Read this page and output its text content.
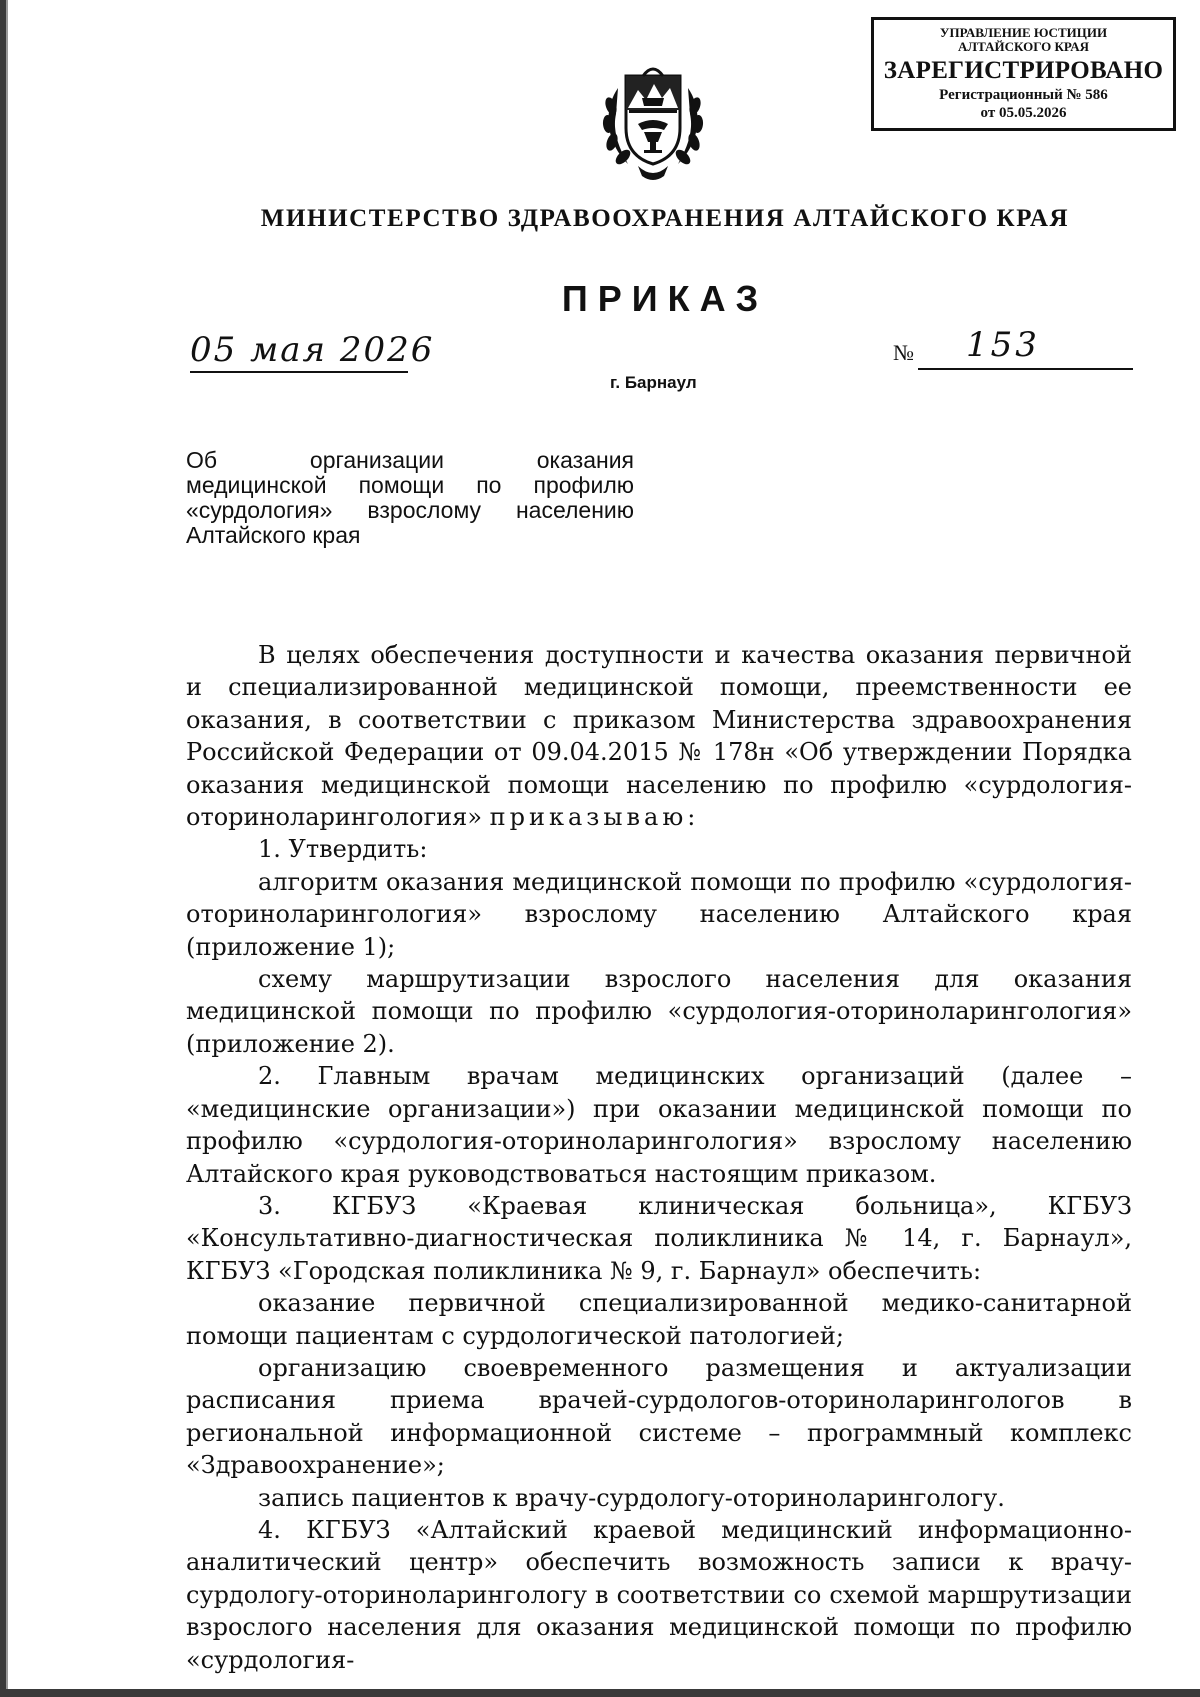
УПРАВЛЕНИЕ ЮСТИЦИИ
АЛТАЙСКОГО КРАЯ
ЗАРЕГИСТРИРОВАНО
Регистрационный № 586
от 05.05.2026
МИНИСТЕРСТВО ЗДРАВООХРАНЕНИЯ АЛТАЙСКОГО КРАЯ
ПРИКАЗ
05 мая 2026	№ 153
г. Барнаул
Об организации оказания
медицинской помощи по профилю
«сурдология» взрослому населению
Алтайского края

В целях обеспечения доступности и качества оказания первичной и специализированной медицинской помощи, преемственности ее оказания, в соответствии с приказом Министерства здравоохранения Российской Федерации от 09.04.2015 № 178н «Об утверждении Порядка оказания медицинской помощи населению по профилю «сурдология-оториноларингология» приказываю:

1. Утвердить:

алгоритм оказания медицинской помощи по профилю «сурдология-оториноларингология» взрослому населению Алтайского края (приложение 1);

схему маршрутизации взрослого населения для оказания медицинской помощи по профилю «сурдология-оториноларингология» (приложение 2).

2. Главным врачам медицинских организаций (далее – «медицинские организации») при оказании медицинской помощи по профилю «сурдология-оториноларингология» взрослому населению Алтайского края руководствоваться настоящим приказом.

3. КГБУЗ «Краевая клиническая больница», КГБУЗ «Консультативно-диагностическая поликлиника № 14, г. Барнаул», КГБУЗ «Городская поликлиника № 9, г. Барнаул» обеспечить:

оказание первичной специализированной медико-санитарной помощи пациентам с сурдологической патологией;

организацию своевременного размещения и актуализации расписания приема врачей-сурдологов-оториноларингологов в региональной информационной системе – программный комплекс «Здравоохранение»;

запись пациентов к врачу-сурдологу-оториноларингологу.

4. КГБУЗ «Алтайский краевой медицинский информационно-аналитический центр» обеспечить возможность записи к врачу-сурдологу-оториноларингологу в соответствии со схемой маршрутизации взрослого населения для оказания медицинской помощи по профилю «сурдология-
